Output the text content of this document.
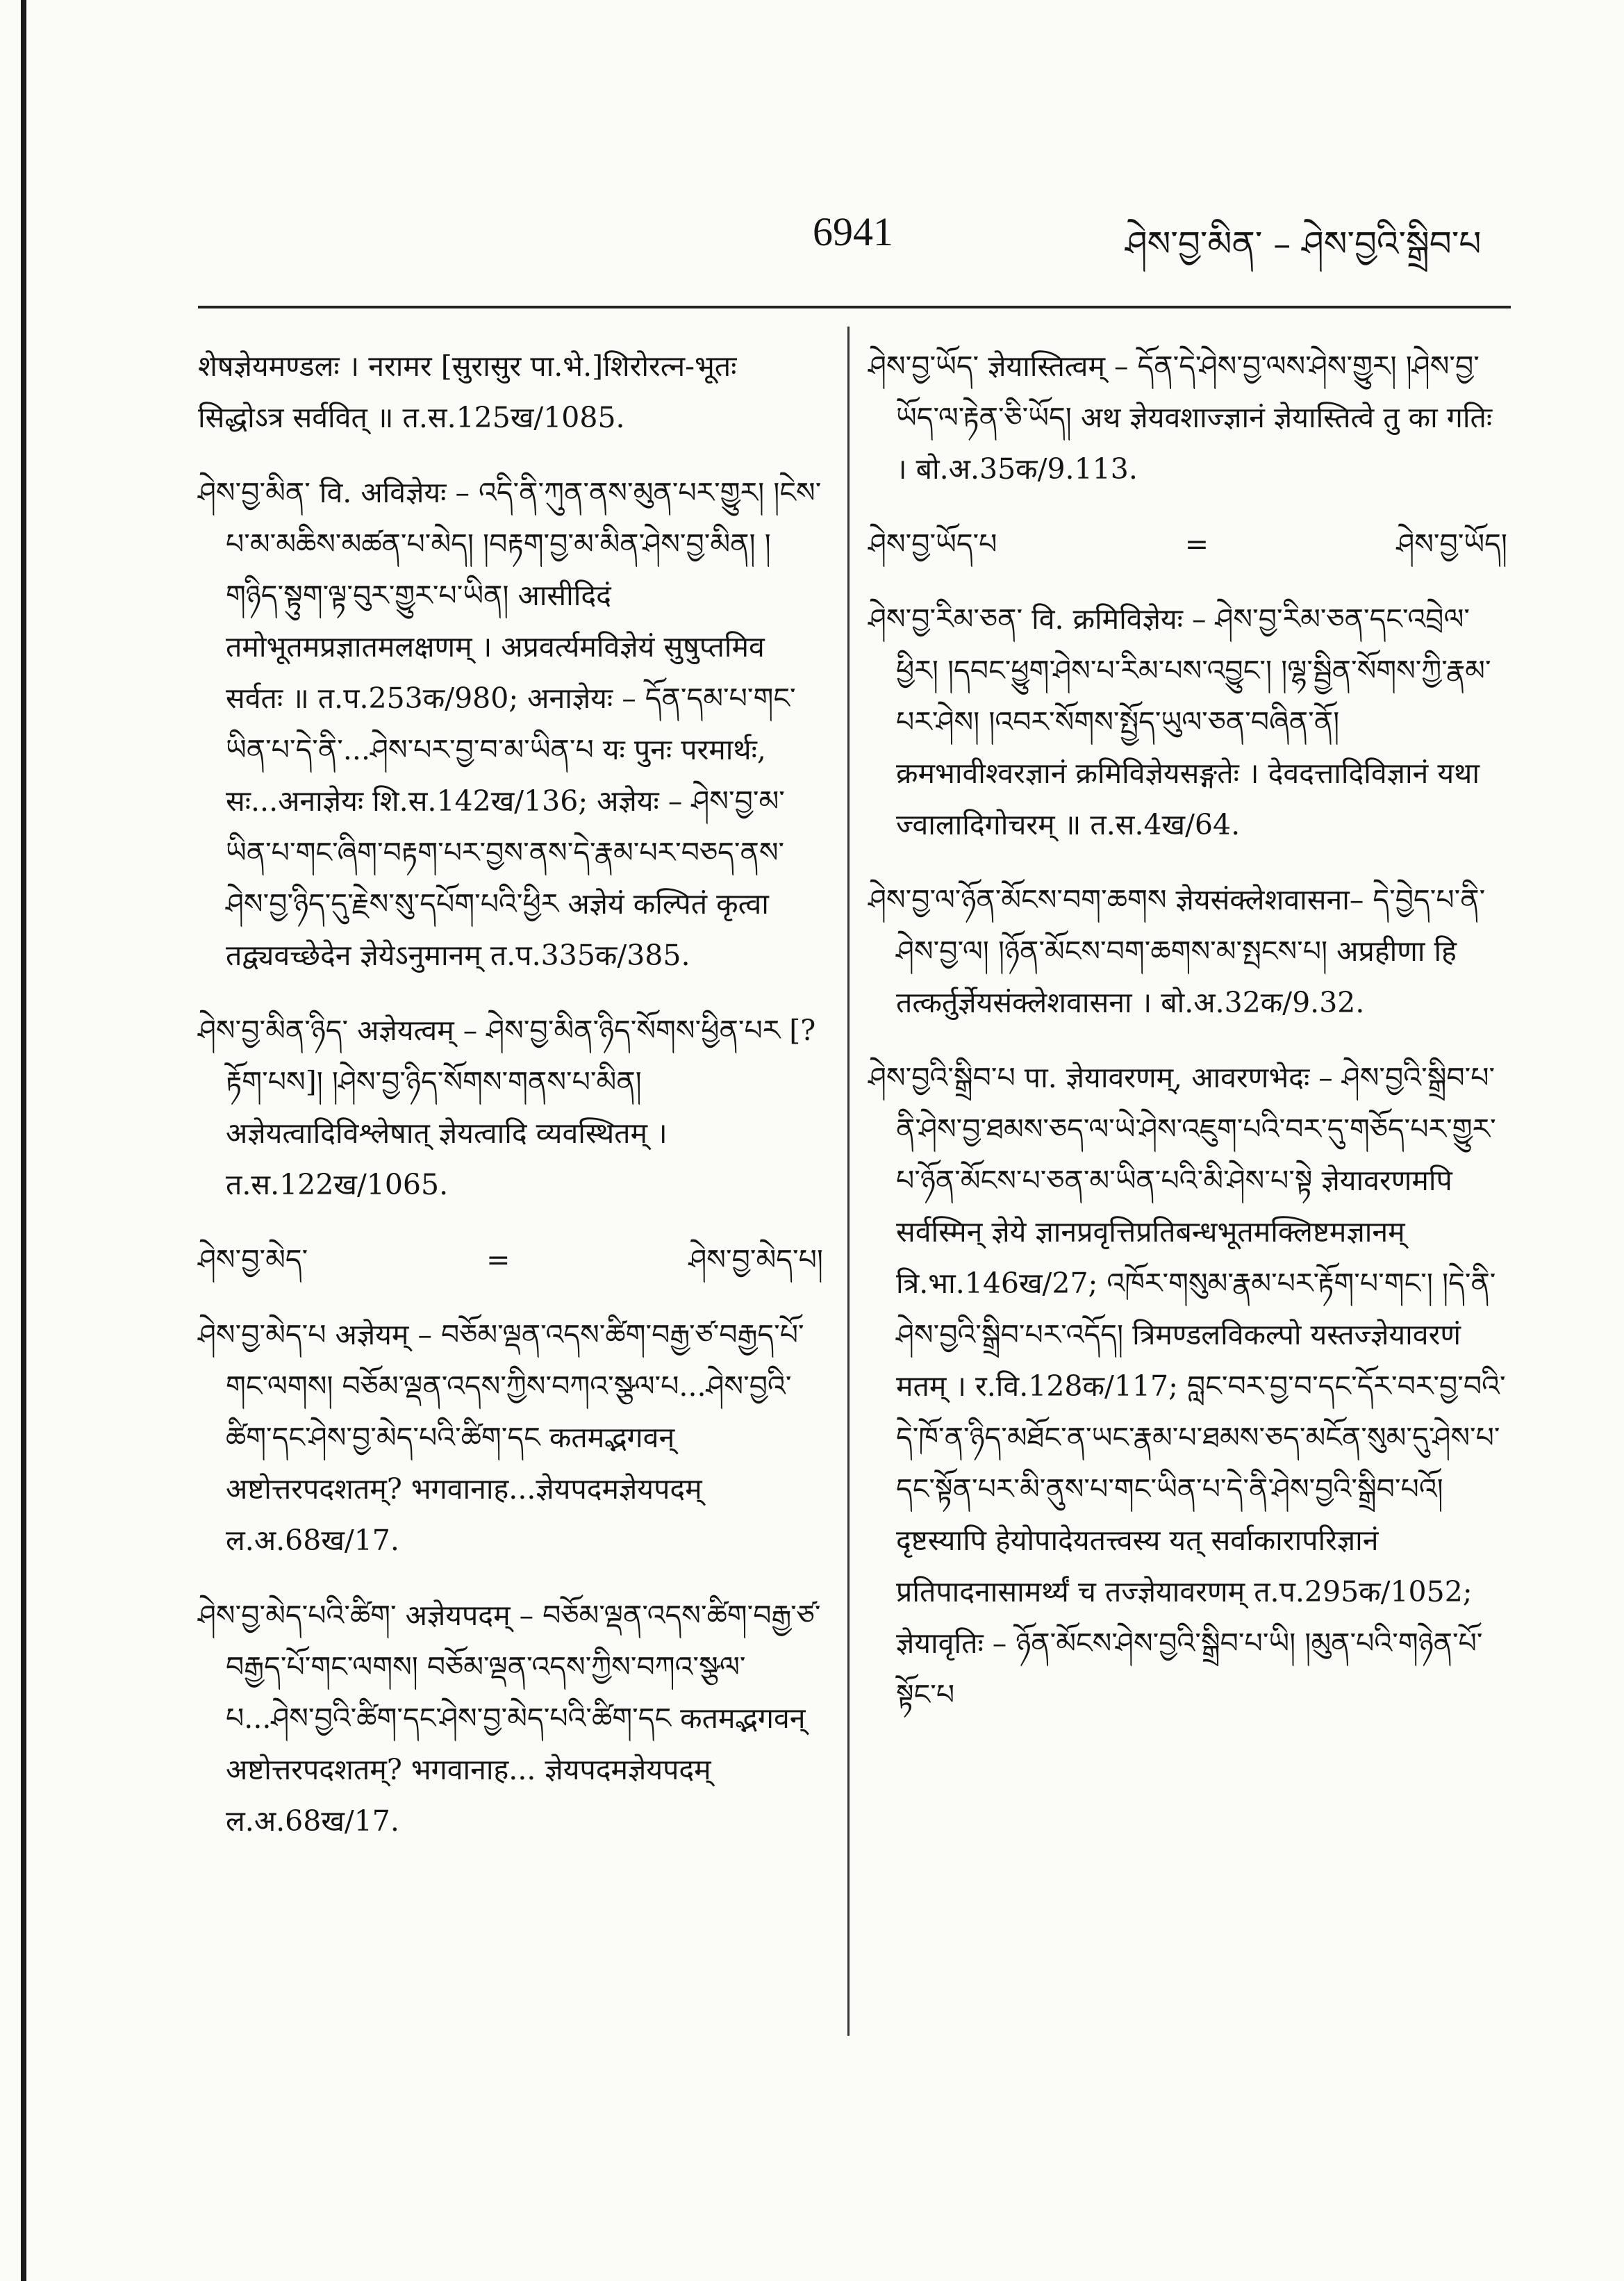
6941	ཤེས་བྱ་མིན་ – ཤེས་བྱའི་སྒྲིབ་པ

शेषज्ञेयमण्डलः । नरामर [सुरासुर पा.भे.]शिरोरत्न-भूतः सिद्धोऽत्र सर्ववित् ॥ त.स.125ख/1085.

ཤེས་བྱ་མིན་ वि. अविज्ञेयः – འདི་ནི་ཀུན་ནས་མུན་པར་གྱུར། །ངེས་པ་མ་མཆིས་མཚན་པ་མེད། །བརྟག་བྱ་མ་མིན་ཤེས་བྱ་མིན། །གཉིད་སྟུག་ལྟ་བུར་གྱུར་པ་ཡིན། आसीदिदं तमोभूतमप्रज्ञातमलक्षणम् । अप्रवर्त्यमविज्ञेयं सुषुप्तमिव सर्वतः ॥ त.प.253क/980; अनाज्ञेयः – དོན་དམ་པ་གང་ཡིན་པ་དེ་ནི་...ཤེས་པར་བྱ་བ་མ་ཡིན་པ यः पुनः परमार्थः, सः...अनाज्ञेयः शि.स.142ख/136; अज्ञेयः – ཤེས་བྱ་མ་ཡིན་པ་གང་ཞིག་བརྟག་པར་བྱས་ནས་དེ་རྣམ་པར་བཅད་ནས་ཤེས་བྱ་ཉིད་དུ་རྗེས་སུ་དཔོག་པའི་ཕྱིར अज्ञेयं कल्पितं कृत्वा तद्व्यवच्छेदेन ज्ञेयेऽनुमानम् त.प.335क/385.

ཤེས་བྱ་མིན་ཉིད་ अज्ञेयत्वम् – ཤེས་བྱ་མིན་ཉིད་སོགས་ཕྱིན་པར [? རྟོག་པས]། །ཤེས་བྱ་ཉིད་སོགས་གནས་པ་མིན། अज्ञेयत्वादिविश्लेषात् ज्ञेयत्वादि व्यवस्थितम् । त.स.122ख/1065.

ཤེས་བྱ་མེད་	=	ཤེས་བྱ་མེད་པ།

ཤེས་བྱ་མེད་པ अज्ञेयम् – བཅོམ་ལྡན་འདས་ཚིག་བརྒྱ་ཙ་བརྒྱད་པོ་གང་ལགས། བཅོམ་ལྡན་འདས་ཀྱིས་བཀའ་སྩལ་པ...ཤེས་བྱའི་ཚིག་དང་ཤེས་བྱ་མེད་པའི་ཚིག་དང कतमद्भगवन् अष्टोत्तरपदशतम्? भगवानाह...ज्ञेयपदमज्ञेयपदम् ल.अ.68ख/17.

ཤེས་བྱ་མེད་པའི་ཚིག་ अज्ञेयपदम् – བཅོམ་ལྡན་འདས་ཚིག་བརྒྱ་ཙ་བརྒྱད་པོ་གང་ལགས། བཅོམ་ལྡན་འདས་ཀྱིས་བཀའ་སྩལ་པ...ཤེས་བྱའི་ཚིག་དང་ཤེས་བྱ་མེད་པའི་ཚིག་དང कतमद्भगवन् अष्टोत्तरपदशतम्? भगवानाह... ज्ञेयपदमज्ञेयपदम् ल.अ.68ख/17.

ཤེས་བྱ་ཡོད་ ज्ञेयास्तित्वम् – དོན་དེ་ཤེས་བྱ་ལས་ཤེས་གྱུར། །ཤེས་བྱ་ཡོད་ལ་རྟེན་ཅི་ཡོད། अथ ज्ञेयवशाज्ज्ञानं ज्ञेयास्तित्वे तु का गतिः । बो.अ.35क/9.113.

ཤེས་བྱ་ཡོད་པ	=	ཤེས་བྱ་ཡོད།

ཤེས་བྱ་རིམ་ཅན་ वि. क्रमिविज्ञेयः – ཤེས་བྱ་རིམ་ཅན་དང་འབྲེལ་ཕྱིར། །དབང་ཕྱུག་ཤེས་པ་རིམ་པས་འབྱུང་། །ལྷ་སྦྱིན་སོགས་ཀྱི་རྣམ་པར་ཤེས། །འབར་སོགས་སྤྱོད་ཡུལ་ཅན་བཞིན་ནོ། क्रमभावीश्वरज्ञानं क्रमिविज्ञेयसङ्गतेः । देवदत्तादिविज्ञानं यथा ज्वालादिगोचरम् ॥ त.स.4ख/64.

ཤེས་བྱ་ལ་ཉོན་མོངས་བག་ཆགས ज्ञेयसंक्लेशवासना– དེ་བྱེད་པ་ནི་ཤེས་བྱ་ལ། །ཉོན་མོངས་བག་ཆགས་མ་སྤངས་པ། अप्रहीणा हि तत्कर्तुर्ज्ञेयसंक्लेशवासना । बो.अ.32क/9.32.

ཤེས་བྱའི་སྒྲིབ་པ पा. ज्ञेयावरणम्, आवरणभेदः – ཤེས་བྱའི་སྒྲིབ་པ་ནི་ཤེས་བྱ་ཐམས་ཅད་ལ་ཡེ་ཤེས་འཇུག་པའི་བར་དུ་གཅོད་པར་གྱུར་པ་ཉོན་མོངས་པ་ཅན་མ་ཡིན་པའི་མི་ཤེས་པ་སྟེ ज्ञेयावरणमपि सर्वस्मिन् ज्ञेये ज्ञानप्रवृत्तिप्रतिबन्धभूतमक्लिष्टमज्ञानम् त्रि.भा.146ख/27; འཁོར་གསུམ་རྣམ་པར་རྟོག་པ་གང་། །དེ་ནི་ཤེས་བྱའི་སྒྲིབ་པར་འདོད། त्रिमण्डलविकल्पो यस्तज्ज्ञेयावरणं मतम् । र.वि.128क/117; བླང་བར་བྱ་བ་དང་དོར་བར་བྱ་བའི་དེ་ཁོ་ན་ཉིད་མཐོང་ན་ཡང་རྣམ་པ་ཐམས་ཅད་མངོན་སུམ་དུ་ཤེས་པ་དང་སྟོན་པར་མི་ནུས་པ་གང་ཡིན་པ་དེ་ནི་ཤེས་བྱའི་སྒྲིབ་པའོ། दृष्टस्यापि हेयोपादेयतत्त्वस्य यत् सर्वाकारापरिज्ञानं प्रतिपादनासामर्थ्यं च तज्ज्ञेयावरणम् त.प.295क/1052; ज्ञेयावृतिः – ཉོན་མོངས་ཤེས་བྱའི་སྒྲིབ་པ་ཡི། །མུན་པའི་གཉེན་པོ་སྟོང་པ
